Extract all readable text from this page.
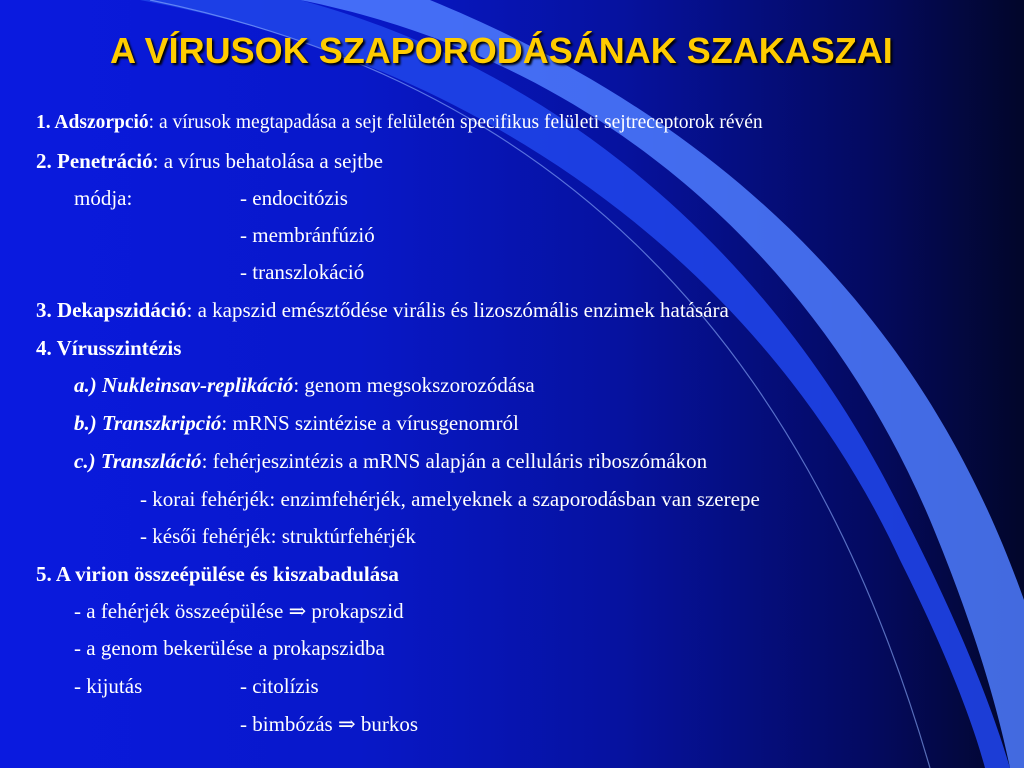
A VÍRUSOK SZAPORODÁSÁNAK SZAKASZAI
1. Adszorpció: a vírusok megtapadása a sejt felületén specifikus felületi sejtreceptorok révén
2. Penetráció: a vírus behatolása a sejtbe
módja:	- endocitózis
- membránfúzió
- transzlokáció
3. Dekapszidáció: a kapszid emésztődése virális és lizoszómális enzimek hatására
4. Vírusszintézis
a.) Nukleinsav-replikáció: genom megsokszorozódása
b.) Transzkripció: mRNS szintézise a vírusgenomról
c.) Transzláció: fehérjeszintézis a mRNS alapján a celluláris riboszómákon
- korai fehérjék: enzimfehérjék, amelyeknek a szaporodásban van szerepe
- késői fehérjék: struktúrfehérjék
5. A virion összeépülése és kiszabadulása
- a fehérjék összeépülése ⇒ prokapszid
- a genom bekerülése a prokapszidba
- kijutás	- citolízis
- bimbózás ⇒ burkos
